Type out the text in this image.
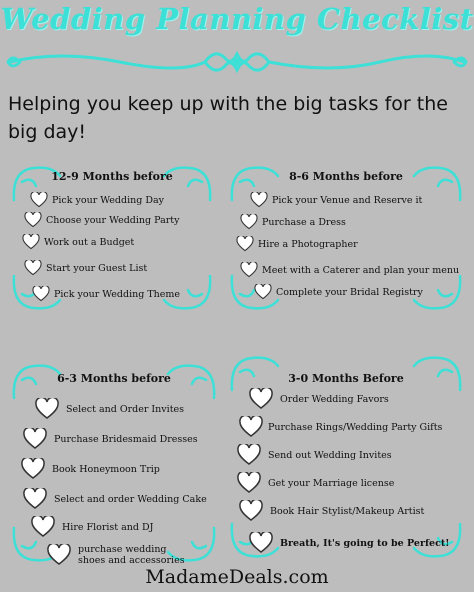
Wedding Planning Checklist
Helping you keep up with the big tasks for the big day!
12-9 Months before
Pick your Wedding Day
Choose your Wedding Party
Work out a Budget
Start your Guest List
Pick your Wedding Theme
8-6 Months before
Pick your Venue and Reserve it
Purchase a Dress
Hire a Photographer
Meet with a Caterer and plan your menu
Complete your Bridal Registry
6-3 Months before
Select and Order Invites
Purchase Bridesmaid Dresses
Book Honeymoon Trip
Select and order Wedding Cake
Hire Florist and DJ
purchase wedding shoes and accessories
3-0 Months Before
Order Wedding Favors
Purchase Rings/Wedding Party Gifts
Send out Wedding Invites
Get your Marriage license
Book Hair Stylist/Makeup Artist
Breath, It's going to be Perfect!
MadameDeals.com
